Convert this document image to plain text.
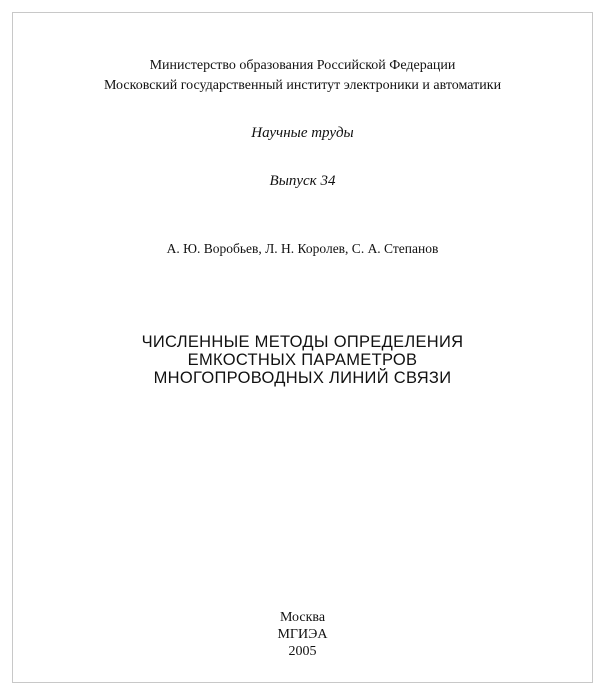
Министерство образования Российской Федерации
Московский государственный институт электроники и автоматики
Научные труды
Выпуск 34
А. Ю. Воробьев, Л. Н. Королев, С. А. Степанов
ЧИСЛЕННЫЕ МЕТОДЫ ОПРЕДЕЛЕНИЯ
ЕМКОСТНЫХ ПАРАМЕТРОВ
МНОГОПРОВОДНЫХ ЛИНИЙ СВЯЗИ
Москва
МГИЭА
2005
